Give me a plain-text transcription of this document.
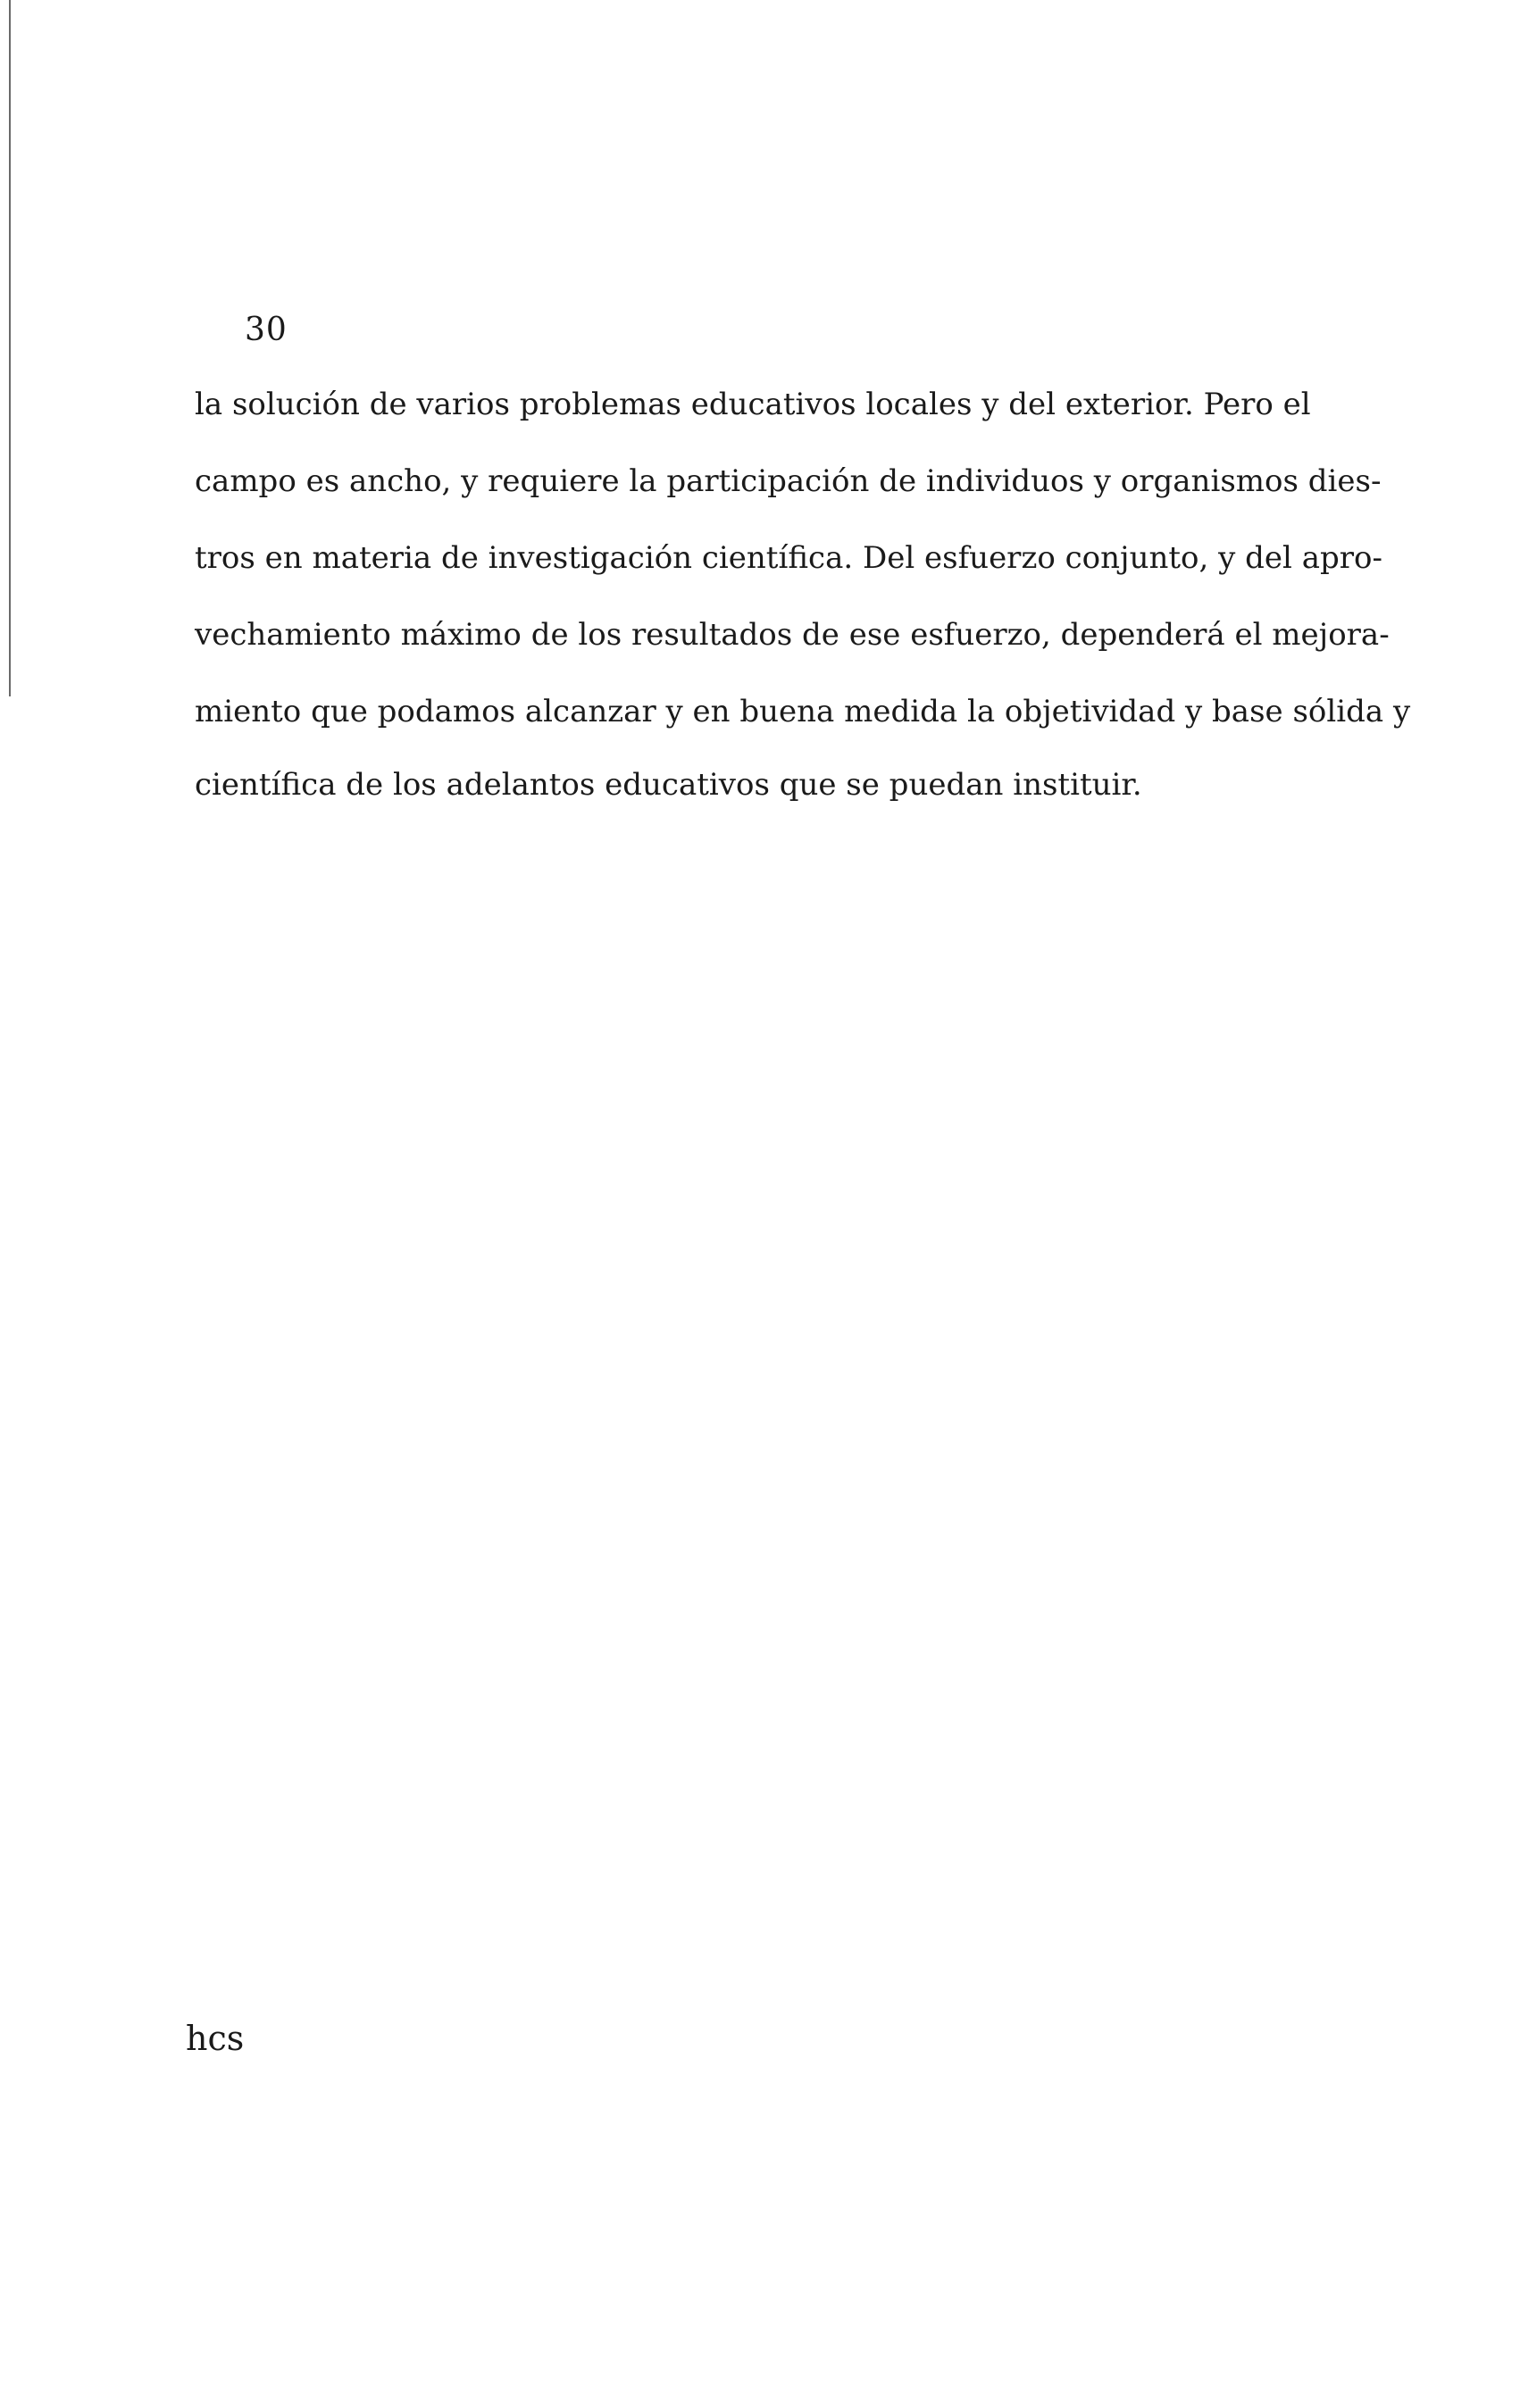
30
la solución de varios problemas educativos locales y del exterior. Pero el
campo es ancho, y requiere la participación de individuos y organismos dies-
tros en materia de investigación científica. Del esfuerzo conjunto, y del apro-
vechamiento máximo de los resultados de ese esfuerzo, dependerá el mejora-
miento que podamos alcanzar y en buena medida la objetividad y base sólida y
científica de los adelantos educativos que se puedan instituir.
hcs
